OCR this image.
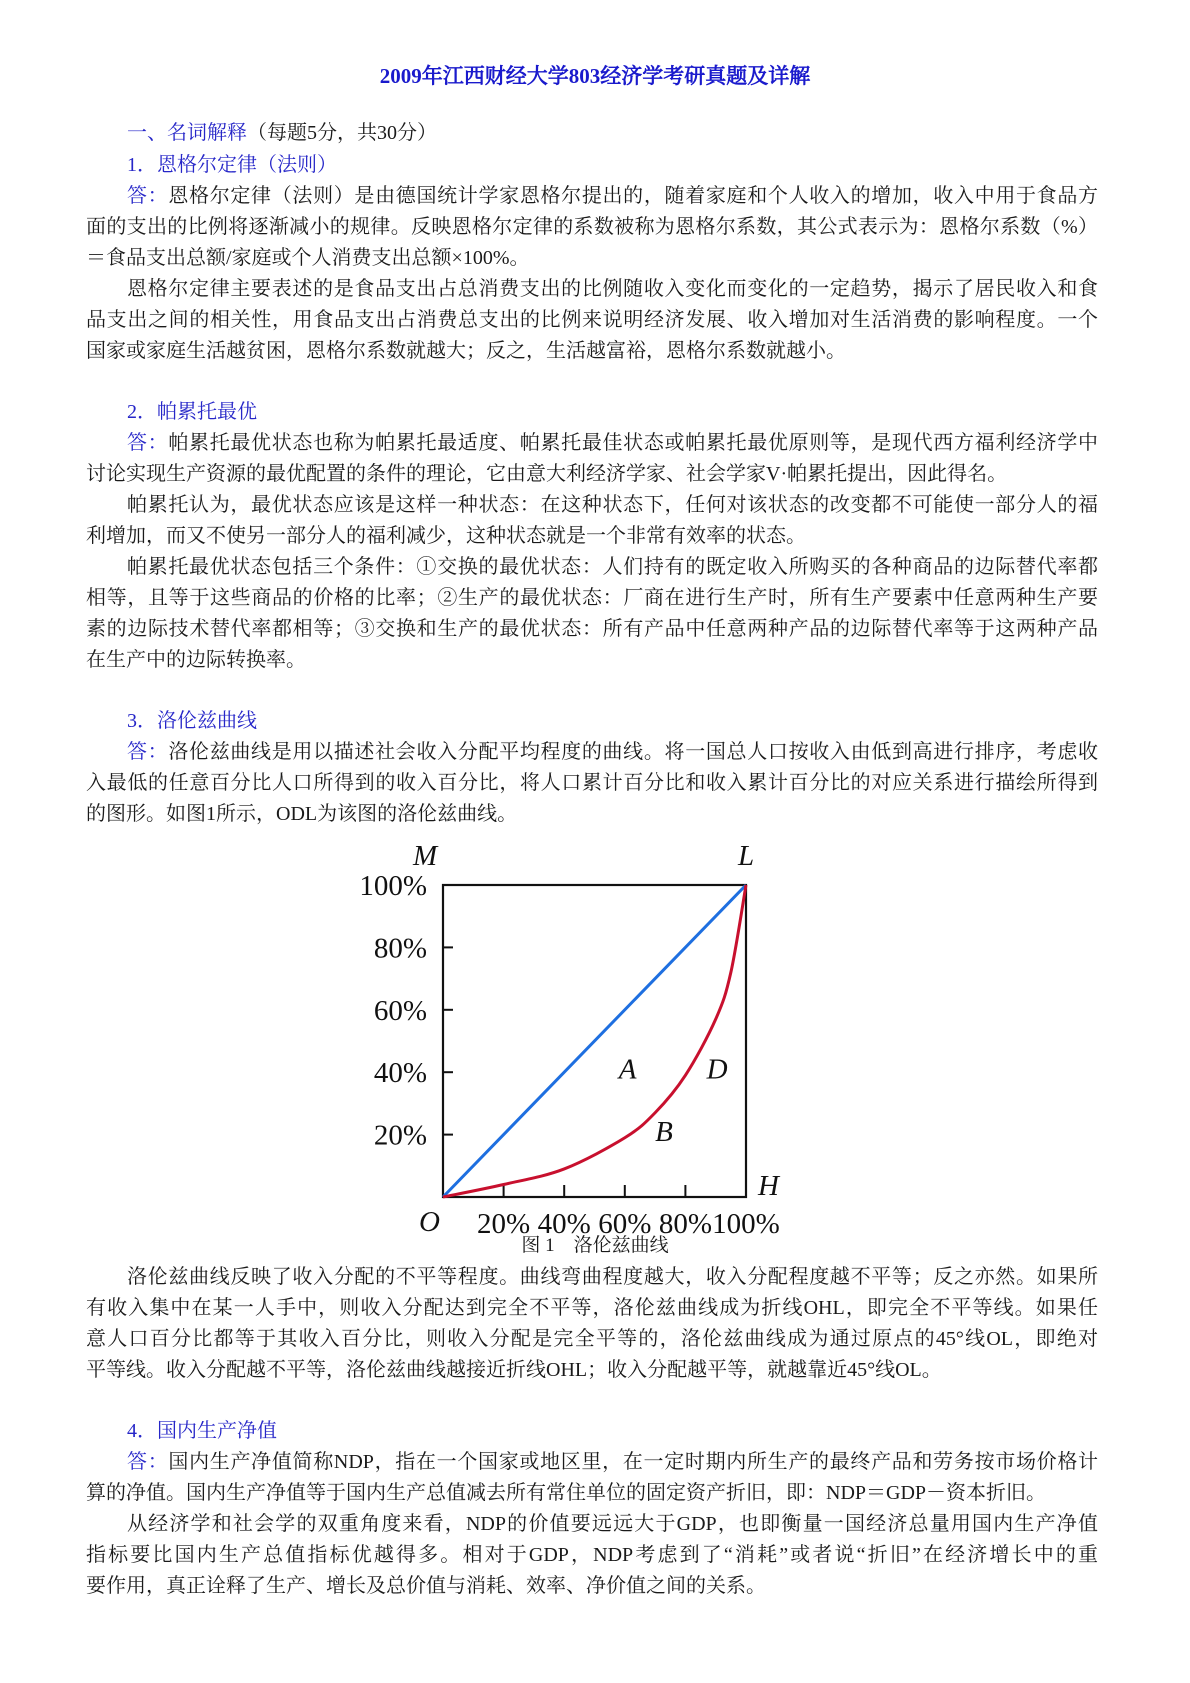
2009年江西财经大学803经济学考研真题及详解
一、名词解释（每题5分，共30分）
1．恩格尔定律（法则）
答：恩格尔定律（法则）是由德国统计学家恩格尔提出的，随着家庭和个人收入的增加，收入中用于食品方
面的支出的比例将逐渐减小的规律。反映恩格尔定律的系数被称为恩格尔系数，其公式表示为：恩格尔系数（%）
＝食品支出总额/家庭或个人消费支出总额×100%。
恩格尔定律主要表述的是食品支出占总消费支出的比例随收入变化而变化的一定趋势，揭示了居民收入和食
品支出之间的相关性，用食品支出占消费总支出的比例来说明经济发展、收入增加对生活消费的影响程度。一个
国家或家庭生活越贫困，恩格尔系数就越大；反之，生活越富裕，恩格尔系数就越小。
2．帕累托最优
答：帕累托最优状态也称为帕累托最适度、帕累托最佳状态或帕累托最优原则等，是现代西方福利经济学中
讨论实现生产资源的最优配置的条件的理论，它由意大利经济学家、社会学家V·帕累托提出，因此得名。
帕累托认为，最优状态应该是这样一种状态：在这种状态下，任何对该状态的改变都不可能使一部分人的福
利增加，而又不使另一部分人的福利减少，这种状态就是一个非常有效率的状态。
帕累托最优状态包括三个条件：①交换的最优状态：人们持有的既定收入所购买的各种商品的边际替代率都
相等，且等于这些商品的价格的比率；②生产的最优状态：厂商在进行生产时，所有生产要素中任意两种生产要
素的边际技术替代率都相等；③交换和生产的最优状态：所有产品中任意两种产品的边际替代率等于这两种产品
在生产中的边际转换率。
3．洛伦兹曲线
答：洛伦兹曲线是用以描述社会收入分配平均程度的曲线。将一国总人口按收入由低到高进行排序，考虑收
入最低的任意百分比人口所得到的收入百分比，将人口累计百分比和收入累计百分比的对应关系进行描绘所得到
的图形。如图1所示，ODL为该图的洛伦兹曲线。
20%
40%
60%
80%
100%
20% 40% 60% 80% 100%
M	L
H
O
A D
B
图 1　洛伦兹曲线
洛伦兹曲线反映了收入分配的不平等程度。曲线弯曲程度越大，收入分配程度越不平等；反之亦然。如果所
有收入集中在某一人手中，则收入分配达到完全不平等，洛伦兹曲线成为折线OHL，即完全不平等线。如果任
意人口百分比都等于其收入百分比，则收入分配是完全平等的，洛伦兹曲线成为通过原点的45°线OL，即绝对
平等线。收入分配越不平等，洛伦兹曲线越接近折线OHL；收入分配越平等，就越靠近45°线OL。
4．国内生产净值
答：国内生产净值简称NDP，指在一个国家或地区里，在一定时期内所生产的最终产品和劳务按市场价格计
算的净值。国内生产净值等于国内生产总值减去所有常住单位的固定资产折旧，即：NDP＝GDP－资本折旧。
从经济学和社会学的双重角度来看，NDP的价值要远远大于GDP，也即衡量一国经济总量用国内生产净值
指标要比国内生产总值指标优越得多。相对于GDP，NDP考虑到了“消耗”或者说“折旧”在经济增长中的重
要作用，真正诠释了生产、增长及总价值与消耗、效率、净价值之间的关系。
